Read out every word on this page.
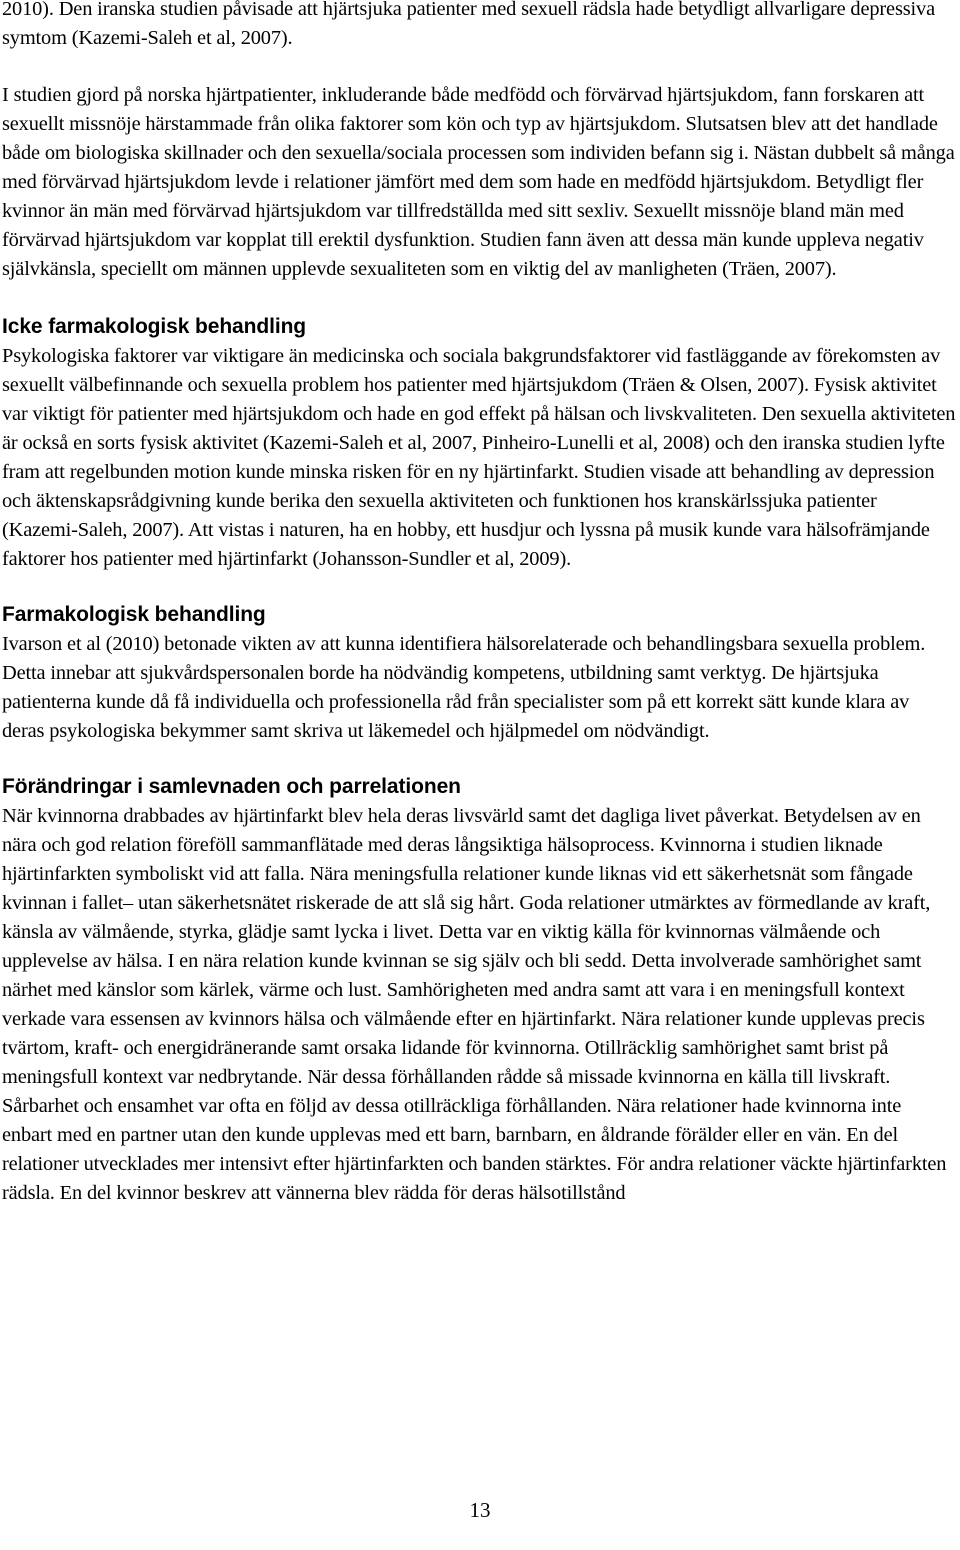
2010). Den iranska studien påvisade att hjärtsjuka patienter med sexuell rädsla hade betydligt allvarligare depressiva symtom (Kazemi-Saleh et al, 2007).

I studien gjord på norska hjärtpatienter, inkluderande både medfödd och förvärvad hjärtsjukdom, fann forskaren att sexuellt missnöje härstammade från olika faktorer som kön och typ av hjärtsjukdom. Slutsatsen blev att det handlade både om biologiska skillnader och den sexuella/sociala processen som individen befann sig i. Nästan dubbelt så många med förvärvad hjärtsjukdom levde i relationer jämfört med dem som hade en medfödd hjärtsjukdom. Betydligt fler kvinnor än män med förvärvad hjärtsjukdom var tillfredställda med sitt sexliv. Sexuellt missnöje bland män med förvärvad hjärtsjukdom var kopplat till erektil dysfunktion. Studien fann även att dessa män kunde uppleva negativ självkänsla, speciellt om männen upplevde sexualiteten som en viktig del av manligheten (Träen, 2007).

Icke farmakologisk behandling

Psykologiska faktorer var viktigare än medicinska och sociala bakgrundsfaktorer vid fastläggande av förekomsten av sexuellt välbefinnande och sexuella problem hos patienter med hjärtsjukdom (Träen & Olsen, 2007). Fysisk aktivitet var viktigt för patienter med hjärtsjukdom och hade en god effekt på hälsan och livskvaliteten. Den sexuella aktiviteten är också en sorts fysisk aktivitet (Kazemi-Saleh et al, 2007, Pinheiro-Lunelli et al, 2008) och den iranska studien lyfte fram att regelbunden motion kunde minska risken för en ny hjärtinfarkt. Studien visade att behandling av depression och äktenskapsrådgivning kunde berika den sexuella aktiviteten och funktionen hos kranskärlssjuka patienter (Kazemi-Saleh, 2007). Att vistas i naturen, ha en hobby, ett husdjur och lyssna på musik kunde vara hälsofrämjande faktorer hos patienter med hjärtinfarkt (Johansson-Sundler et al, 2009).

Farmakologisk behandling

Ivarson et al (2010) betonade vikten av att kunna identifiera hälsorelaterade och behandlingsbara sexuella problem. Detta innebar att sjukvårdspersonalen borde ha nödvändig kompetens, utbildning samt verktyg. De hjärtsjuka patienterna kunde då få individuella och professionella råd från specialister som på ett korrekt sätt kunde klara av deras psykologiska bekymmer samt skriva ut läkemedel och hjälpmedel om nödvändigt.

Förändringar i samlevnaden och parrelationen

När kvinnorna drabbades av hjärtinfarkt blev hela deras livsvärld samt det dagliga livet påverkat. Betydelsen av en nära och god relation föreföll sammanflätade med deras långsiktiga hälsoprocess. Kvinnorna i studien liknade hjärtinfarkten symboliskt vid att falla. Nära meningsfulla relationer kunde liknas vid ett säkerhetsnät som fångade kvinnan i fallet– utan säkerhetsnätet riskerade de att slå sig hårt. Goda relationer utmärktes av förmedlande av kraft, känsla av välmående, styrka, glädje samt lycka i livet. Detta var en viktig källa för kvinnornas välmående och upplevelse av hälsa. I en nära relation kunde kvinnan se sig själv och bli sedd. Detta involverade samhörighet samt närhet med känslor som kärlek, värme och lust. Samhörigheten med andra samt att vara i en meningsfull kontext verkade vara essensen av kvinnors hälsa och välmående efter en hjärtinfarkt. Nära relationer kunde upplevas precis tvärtom, kraft- och energidränerande samt orsaka lidande för kvinnorna. Otillräcklig samhörighet samt brist på meningsfull kontext var nedbrytande. När dessa förhållanden rådde så missade kvinnorna en källa till livskraft. Sårbarhet och ensamhet var ofta en följd av dessa otillräckliga förhållanden. Nära relationer hade kvinnorna inte enbart med en partner utan den kunde upplevas med ett barn, barnbarn, en åldrande förälder eller en vän. En del relationer utvecklades mer intensivt efter hjärtinfarkten och banden stärktes. För andra relationer väckte hjärtinfarkten rädsla. En del kvinnor beskrev att vännerna blev rädda för deras hälsotillstånd

13
